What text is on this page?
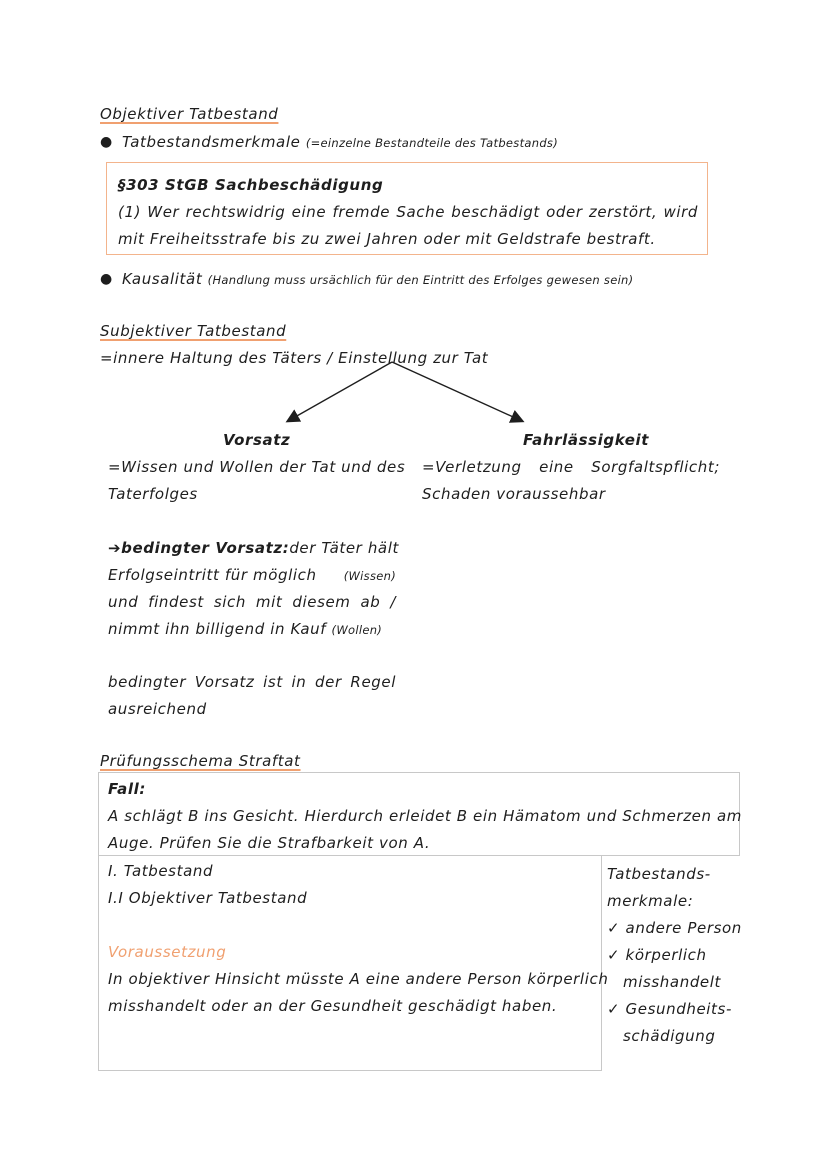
Objektiver Tatbestand
● Tatbestandsmerkmale (=einzelne Bestandteile des Tatbestands)
§303 StGB Sachbeschädigung
(1) Wer rechtswidrig eine fremde Sache beschädigt oder zerstört, wird
mit Freiheitsstrafe bis zu zwei Jahren oder mit Geldstrafe bestraft.
● Kausalität (Handlung muss ursächlich für den Eintritt des Erfolges gewesen sein)
Subjektiver Tatbestand
=innere Haltung des Täters / Einstellung zur Tat
Vorsatz
=Wissen und Wollen der Tat und des
Taterfolges
➔bedingter Vorsatz: der Täter hält
Erfolgseintritt für möglich (Wissen)
und findest sich mit diesem ab /
nimmt ihn billigend in Kauf (Wollen)
bedingter Vorsatz ist in der Regel
ausreichend
Fahrlässigkeit
=Verletzung eine Sorgfaltspflicht;
Schaden voraussehbar
Prüfungsschema Straftat
Fall:
A schlägt B ins Gesicht. Hierdurch erleidet B ein Hämatom und Schmerzen am
Auge. Prüfen Sie die Strafbarkeit von A.
I. Tatbestand
I.I Objektiver Tatbestand
Voraussetzung
In objektiver Hinsicht müsste A eine andere Person körperlich
misshandelt oder an der Gesundheit geschädigt haben.
Tatbestands-
merkmale:
✓ andere Person
✓ körperlich
misshandelt
✓ Gesundheits-
schädigung
